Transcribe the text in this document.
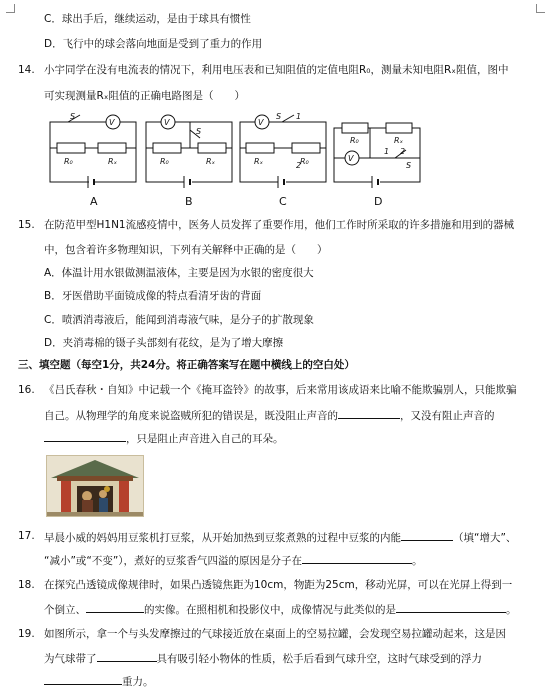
C．球出手后，继续运动，是由于球具有惯性
D．飞行中的球会落向地面是受到了重力的作用
14. 小宇同学在没有电流表的情况下，利用电压表和已知阻值的定值电阻R₀，测量未知电阻Rₓ阻值，图中
可实现测量Rₓ阻值的正确电路图是（　　）
V
S
R₀	Rₓ
V
S
R₀	Rₓ
V
S 1
2
Rₓ	R₀	V
S
1 2
R₀	Rₓ
A	B	C	D
15. 在防范甲型H1N1流感疫情中，医务人员发挥了重要作用，他们工作时所采取的许多措施和用到的器械
中，包含着许多物理知识，下列有关解释中正确的是（　　）
A．体温计用水银做测温液体，主要是因为水银的密度很大
B．牙医借助平面镜成像的特点看清牙齿的背面
C．喷洒消毒液后，能闻到消毒液气味，是分子的扩散现象
D．夹消毒棉的镊子头部刻有花纹，是为了增大摩擦
三、填空题（每空1分，共24分。将正确答案写在题中横线上的空白处）
16. 《吕氏春秋・自知》中记载一个《掩耳盗铃》的故事，后来常用该成语来比喻不能欺骗别人，只能欺骗
自己。从物理学的角度来说盗贼所犯的错误是，既没阻止声音的	，又没有阻止声音的
，只是阻止声音进入自己的耳朵。
17. 早晨小威的妈妈用豆浆机打豆浆，从开始加热到豆浆煮熟的过程中豆浆的内能	（填“增大”、
“减小”或“不变”），煮好的豆浆香气四溢的原因是分子在	。
18. 在探究凸透镜成像规律时，如果凸透镜焦距为10cm，物距为25cm，移动光屏，可以在光屏上得到一
个倒立、	的实像。在照相机和投影仪中，成像情况与此类似的是	。
19. 如图所示，拿一个与头发摩擦过的气球接近放在桌面上的空易拉罐，会发现空易拉罐动起来，这是因
为气球带了	具有吸引轻小物体的性质，松手后看到气球升空，这时气球受到的浮力
重力。
